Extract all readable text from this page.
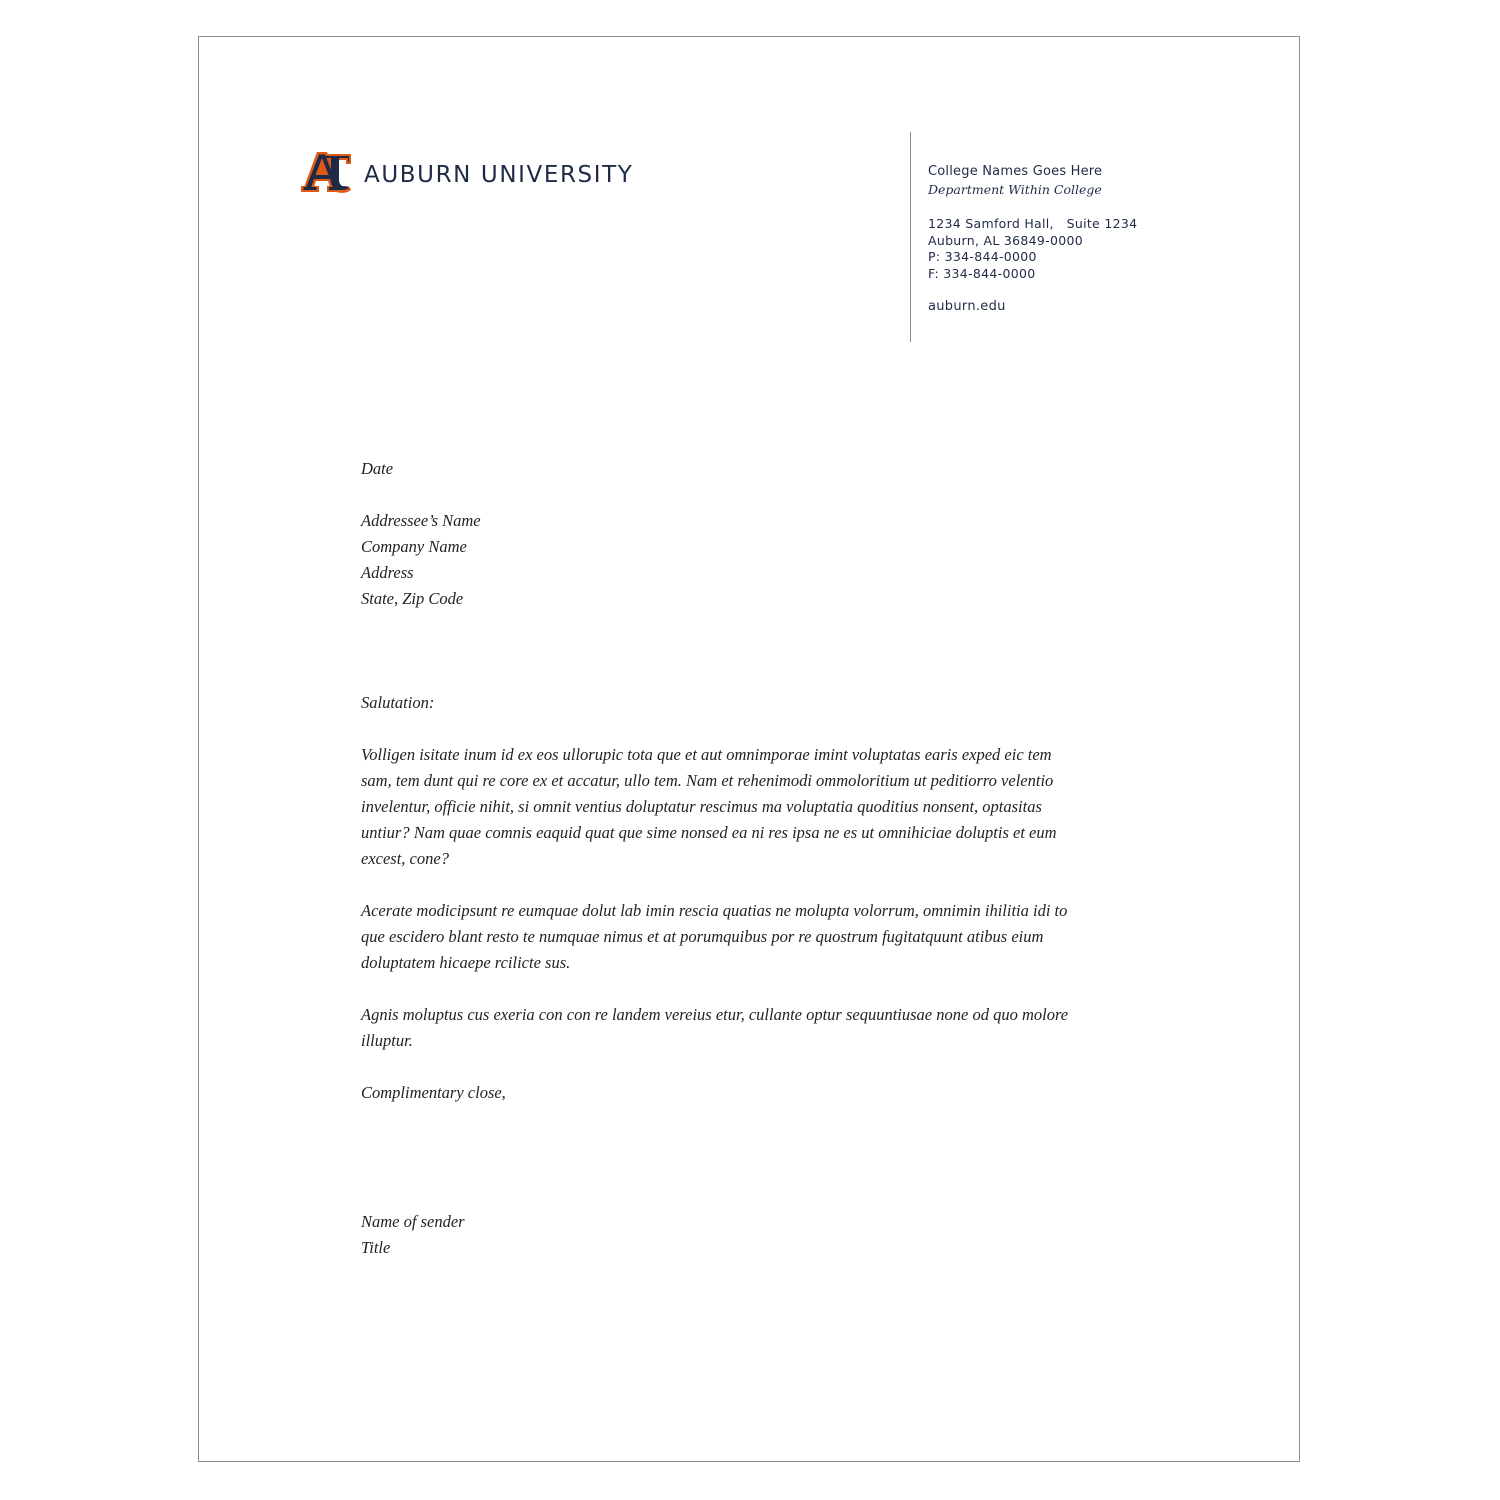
AUBURN UNIVERSITY	College Names Goes Here
Department Within College
1234 Samford Hall,   Suite 1234
Auburn, AL 36849-0000
P: 334-844-0000
F: 334-844-0000
auburn.edu
Date
Addressee’s Name
Company Name
Address
State, Zip Code
Salutation:
Volligen isitate inum id ex eos ullorupic tota que et aut omnimporae imint voluptatas earis exped eic tem
sam, tem dunt qui re core ex et accatur, ullo tem. Nam et rehenimodi ommoloritium ut peditiorro velentio
invelentur, officie nihit, si omnit ventius doluptatur rescimus ma voluptatia quoditius nonsent, optasitas
untiur? Nam quae comnis eaquid quat que sime nonsed ea ni res ipsa ne es ut omnihiciae doluptis et eum
excest, cone?
Acerate modicipsunt re eumquae dolut lab imin rescia quatias ne molupta volorrum, omnimin ihilitia idi to
que escidero blant resto te numquae nimus et at porumquibus por re quostrum fugitatquunt atibus eium
doluptatem hicaepe rcilicte sus.
Agnis moluptus cus exeria con con re landem vereius etur, cullante optur sequuntiusae none od quo molore
illuptur.
Complimentary close,
Name of sender
Title
